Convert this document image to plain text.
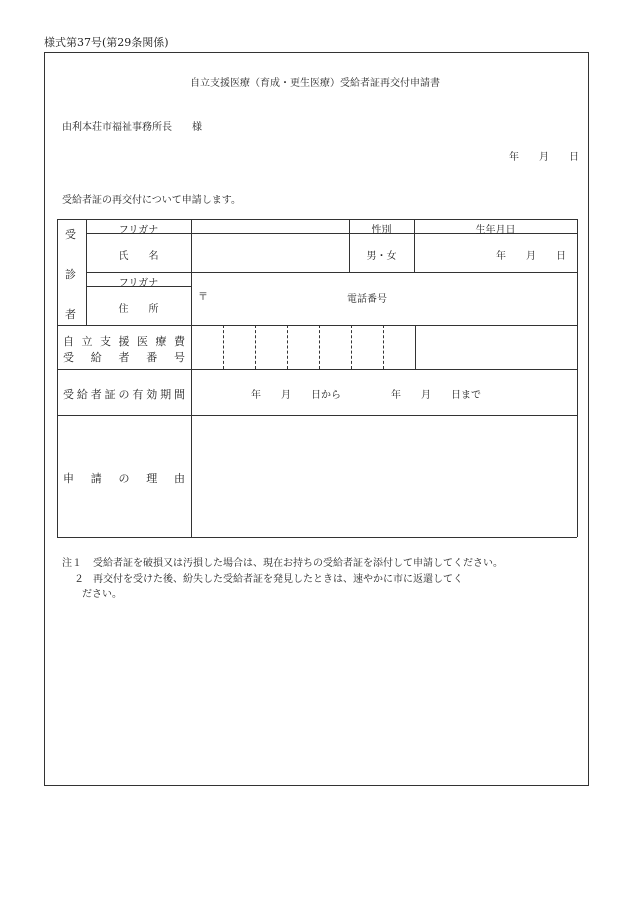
様式第37号(第29条関係)
自立支援医療（育成・更生医療）受給者証再交付申請書
由利本荘市福祉事務所長　　様
年　　月　　日
受給者証の再交付について申請します。
受
診
者
フリガナ	性別	生年月日
氏　　名	男・女	年　　月　　日
フリガナ
住　　所
〒	電話番号
自 立 支 援 医 療 費
受 給 者 番 号
受 給 者 証 の 有 効 期 間	年　　月　　日から　　　　　年　　月　　日まで
申 請 の 理 由
注１ 受給者証を破損又は汚損した場合は、現在お持ちの受給者証を添付して申請してください。
２ 再交付を受けた後、紛失した受給者証を発見したときは、速やかに市に返還してく
ださい。
